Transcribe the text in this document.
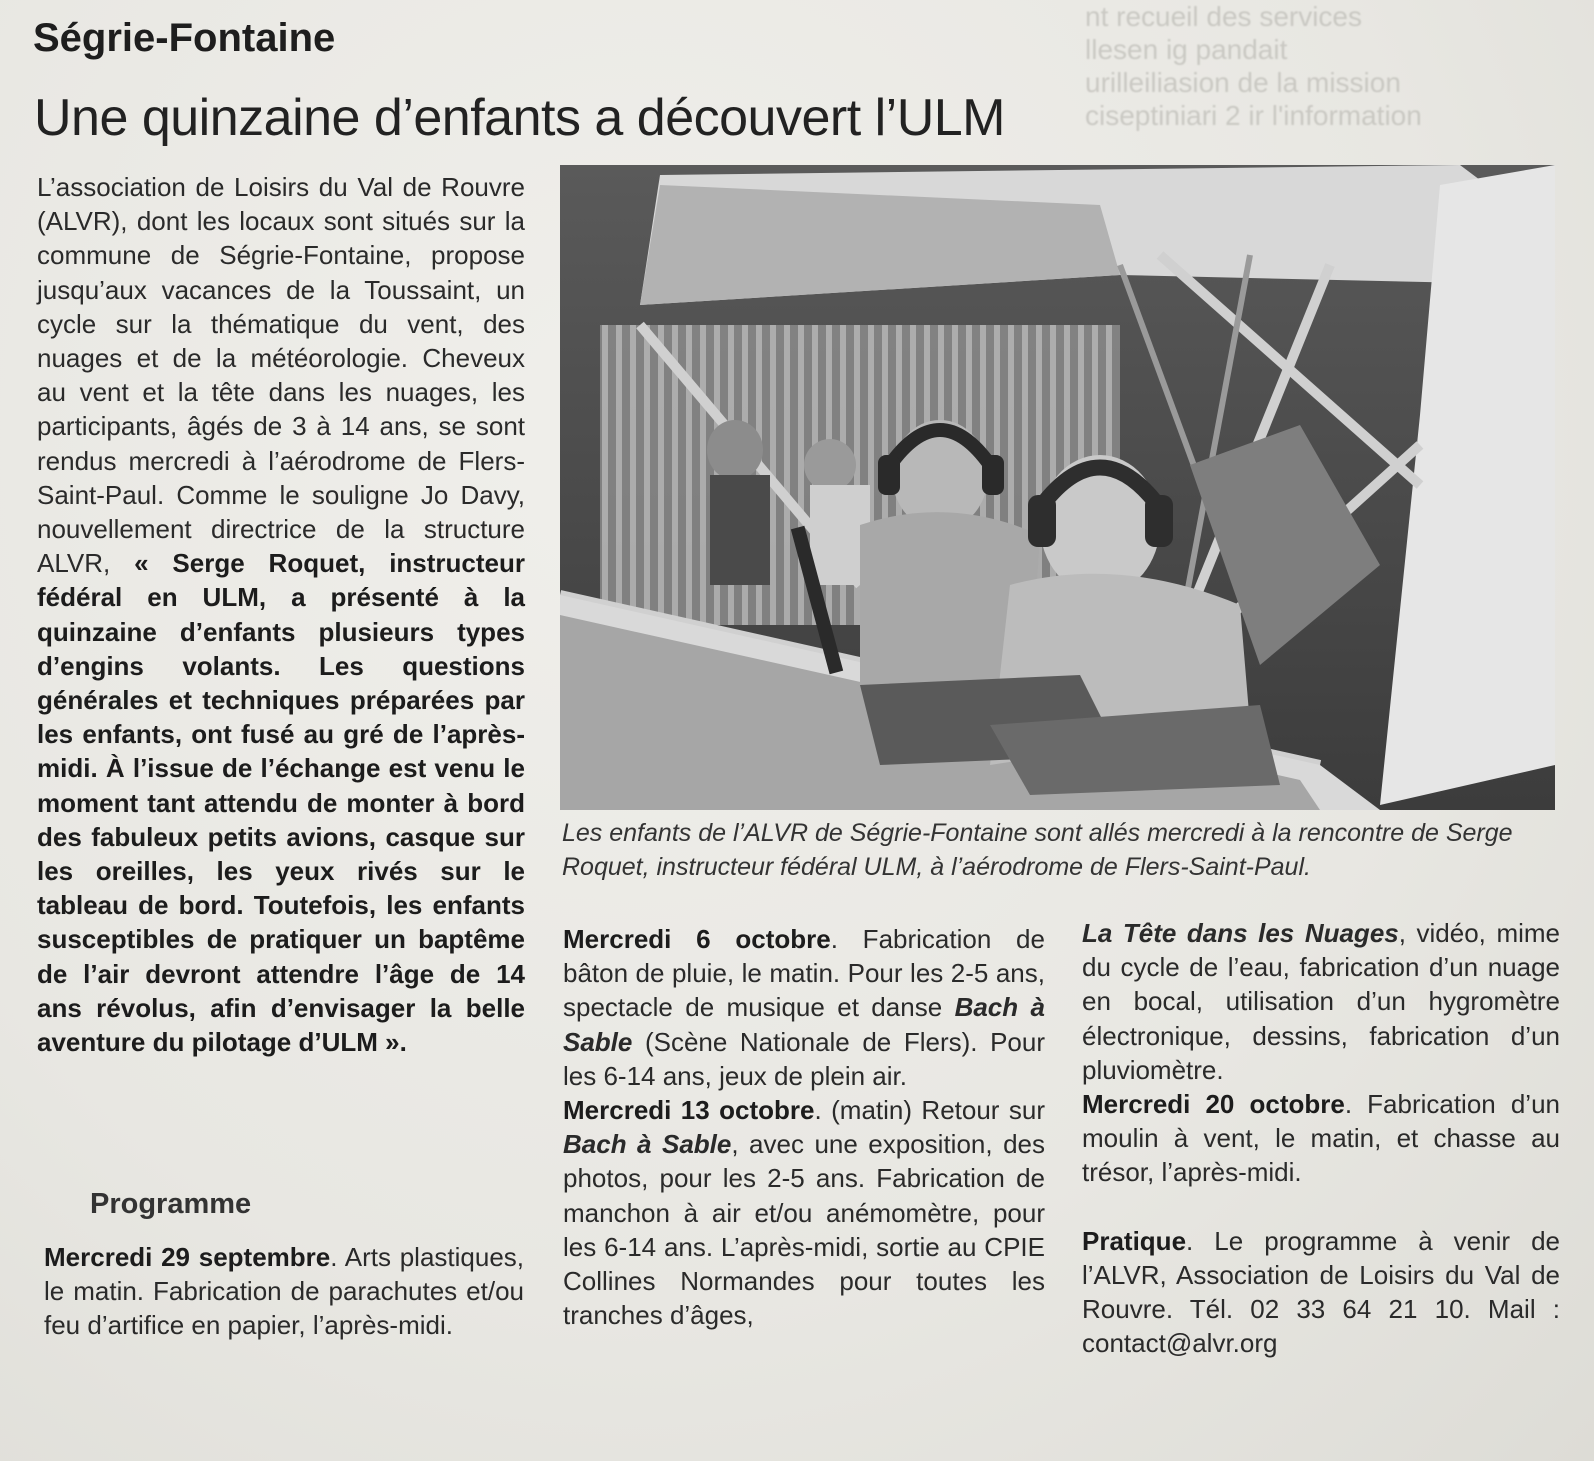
nt recueil des services
llesen ig pandait
urilleiliasion de la mission
ciseptiniari 2 ir l'information
Ségrie-Fontaine
Une quinzaine d’enfants a découvert l’ULM
L’association de Loisirs du Val de Rouvre (ALVR), dont les locaux sont situés sur la commune de Ségrie-Fontaine, propose jusqu’aux vacances de la Toussaint, un cycle sur la thématique du vent, des nuages et de la météorologie. Cheveux au vent et la tête dans les nuages, les participants, âgés de 3 à 14 ans, se sont rendus mercredi à l’aérodrome de Flers-Saint-Paul. Comme le souligne Jo Davy, nouvellement directrice de la structure ALVR, « Serge Roquet, instructeur fédéral en ULM, a présenté à la quinzaine d’enfants plusieurs types d’engins volants. Les questions générales et techniques préparées par les enfants, ont fusé au gré de l’après-midi. À l’issue de l’échange est venu le moment tant attendu de monter à bord des fabuleux petits avions, casque sur les oreilles, les yeux rivés sur le tableau de bord. Toutefois, les enfants susceptibles de pratiquer un baptême de l’air devront attendre l’âge de 14 ans révolus, afin d’envisager la belle aventure du pilotage d’ULM ».
Les enfants de l’ALVR de Ségrie-Fontaine sont allés mercredi à la rencontre de Serge Roquet, instructeur fédéral ULM, à l’aérodrome de Flers-Saint-Paul.
Programme
Mercredi 29 septembre. Arts plastiques, le matin. Fabrication de parachutes et/ou feu d’artifice en papier, l’après-midi.

Mercredi 6 octobre. Fabrication de bâton de pluie, le matin. Pour les 2-5 ans, spectacle de musique et danse Bach à Sable (Scène Nationale de Flers). Pour les 6-14 ans, jeux de plein air.

Mercredi 13 octobre. (matin) Retour sur Bach à Sable, avec une exposition, des photos, pour les 2-5 ans. Fabrication de manchon à air et/ou anémomètre, pour les 6-14 ans. L’après-midi, sortie au CPIE Collines Normandes pour toutes les tranches d’âges,

La Tête dans les Nuages, vidéo, mime du cycle de l’eau, fabrication d’un nuage en bocal, utilisation d’un hygromètre électronique, dessins, fabrication d’un pluviomètre.

Mercredi 20 octobre. Fabrication d’un moulin à vent, le matin, et chasse au trésor, l’après-midi.

Pratique. Le programme à venir de l’ALVR, Association de Loisirs du Val de Rouvre. Tél. 02 33 64 21 10. Mail : contact@alvr.org
